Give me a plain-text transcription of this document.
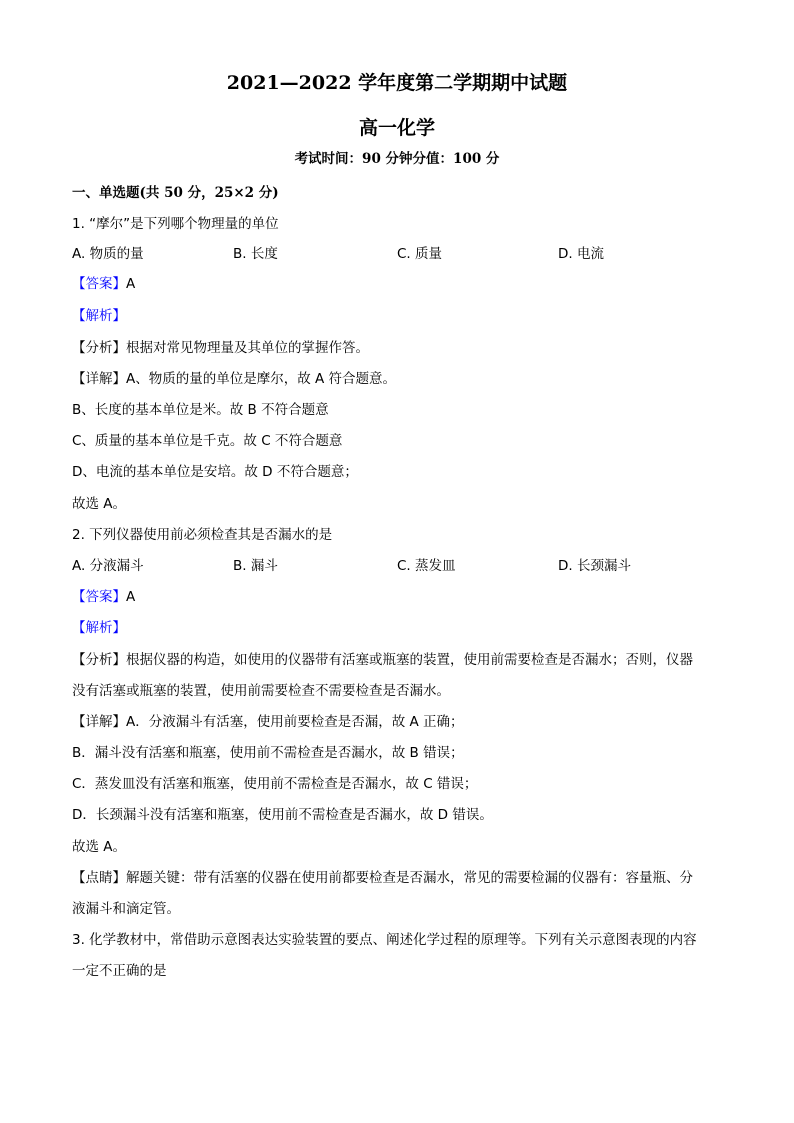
2021—2022 学年度第二学期期中试题
高一化学
考试时间：90 分钟分值：100 分
一、单选题(共 50 分，25×2 分)
1. “摩尔”是下列哪个物理量的单位
A. 物质的量	B. 长度	C. 质量	D. 电流
【答案】A
【解析】
【分析】根据对常见物理量及其单位的掌握作答。
【详解】A、物质的量的单位是摩尔，故 A 符合题意。
B、长度的基本单位是米。故 B 不符合题意
C、质量的基本单位是千克。故 C 不符合题意
D、电流的基本单位是安培。故 D 不符合题意；
故选 A。
2. 下列仪器使用前必须检查其是否漏水的是
A. 分液漏斗	B. 漏斗	C. 蒸发皿	D. 长颈漏斗
【答案】A
【解析】
【分析】根据仪器的构造，如使用的仪器带有活塞或瓶塞的装置，使用前需要检查是否漏水；否则，仪器
没有活塞或瓶塞的装置，使用前需要检查不需要检查是否漏水。
【详解】A．分液漏斗有活塞，使用前要检查是否漏，故 A 正确；
B．漏斗没有活塞和瓶塞，使用前不需检查是否漏水，故 B 错误；
C．蒸发皿没有活塞和瓶塞，使用前不需检查是否漏水，故 C 错误；
D．长颈漏斗没有活塞和瓶塞，使用前不需检查是否漏水，故 D 错误。
故选 A。
【点睛】解题关键：带有活塞的仪器在使用前都要检查是否漏水，常见的需要检漏的仪器有：容量瓶、分
液漏斗和滴定管。
3. 化学教材中，常借助示意图表达实验装置的要点、阐述化学过程的原理等。下列有关示意图表现的内容
一定不正确的是
